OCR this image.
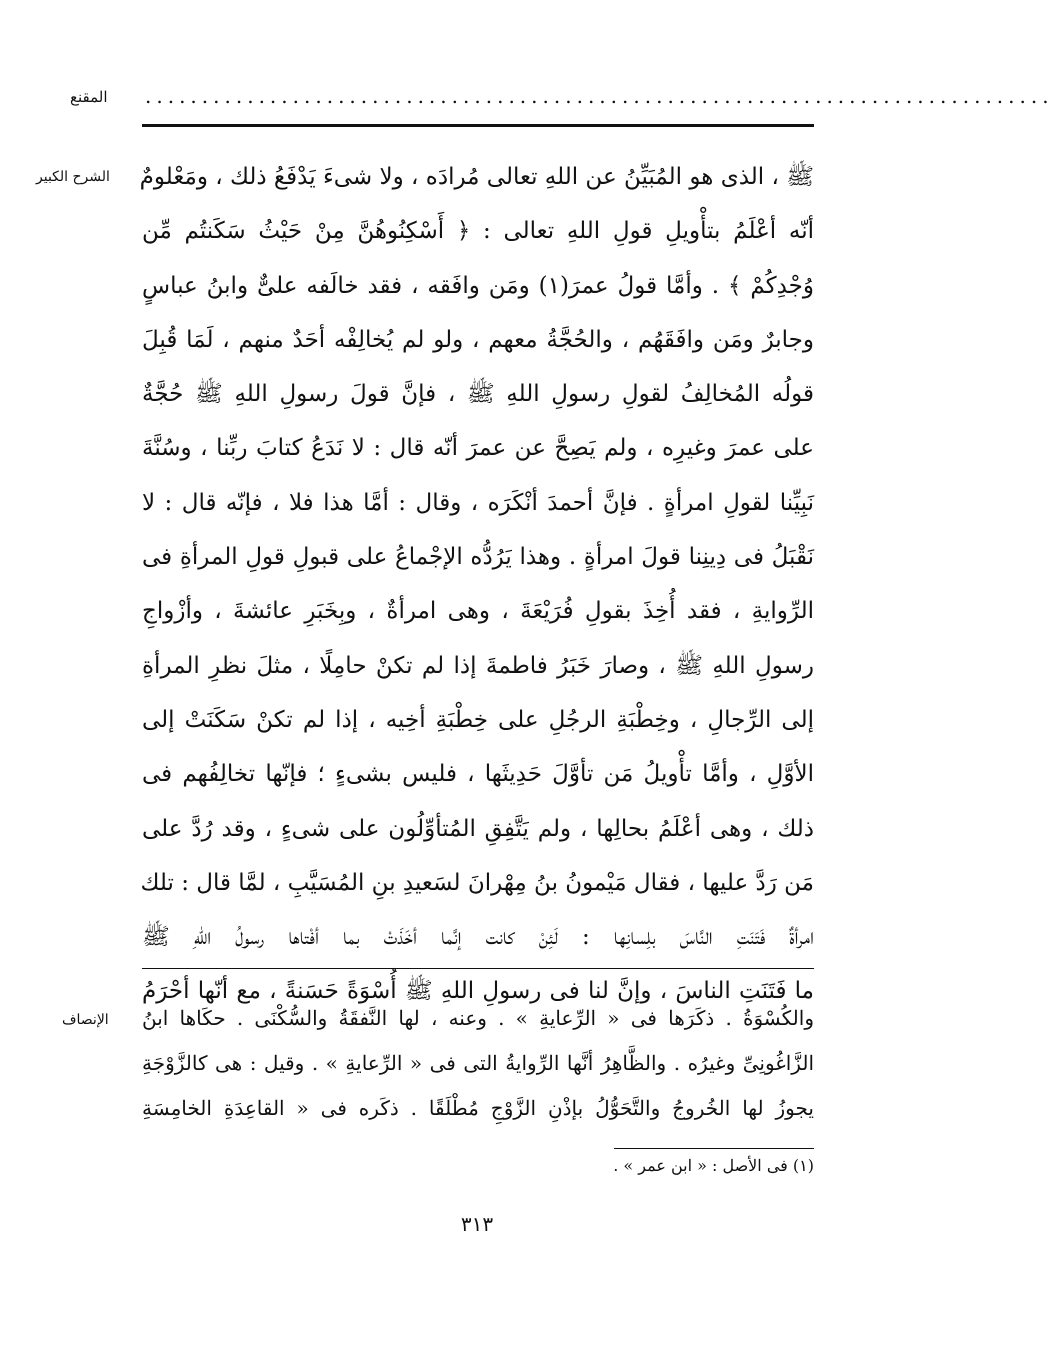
المقنع ................................................................................
الشرح الكبير ﷺ ، الذى هو المُبَيِّنُ عن اللهِ تعالى مُرادَه ، ولا شىءَ يَدْفَعُ ذلك ، ومَعْلومٌ
أنّه أعْلَمُ بتأْويلِ قولِ اللهِ تعالى : ﴿ أَسْكِنُوهُنَّ مِنْ حَيْثُ سَكَنتُم مِّن
وُجْدِكُمْ ﴾ . وأمَّا قولُ عمرَ(١) ومَن وافَقه ، فقد خالَفه علىٌّ وابنُ عباسٍ
وجابرٌ ومَن وافَقَهُم ، والحُجَّةُ معهم ، ولو لم يُخالِفْه أحَدٌ منهم ، لَمَا قُبِلَ
قولُه المُخالِفُ لقولِ رسولِ اللهِ ﷺ ، فإنَّ قولَ رسولِ اللهِ ﷺ حُجَّةٌ
على عمرَ وغيرِه ، ولم يَصِحَّ عن عمرَ أنّه قال : لا نَدَعُ كتابَ ربِّنا ، وسُنَّةَ
نَبِيِّنا لقولِ امرأةٍ . فإنَّ أحمدَ أنْكَرَه ، وقال : أمَّا هذا فلا ، فإنّه قال : لا
نَقْبَلُ فى دِينِنا قولَ امرأةٍ . وهذا يَرُدُّه الإجْماعُ على قبولِ قولِ المرأةِ فى
الرِّوايةِ ، فقد أُخِذَ بقولِ فُرَيْعَةَ ، وهى امرأةٌ ، وبِخَبَرِ عائشةَ ، وأزْواجِ
رسولِ اللهِ ﷺ ، وصارَ خَبَرُ فاطمةَ إذا لم تكنْ حامِلًا ، مثلَ نظرِ المرأةِ
إلى الرِّجالِ ، وخِطْبَةِ الرجُلِ على خِطْبَةِ أخِيه ، إذا لم تكنْ سَكَنَتْ إلى
الأوَّلِ ، وأمَّا تأْويلُ مَن تأوَّلَ حَدِيثَها ، فليس بشىءٍ ؛ فإنّها تخالِفُهم فى
ذلك ، وهى أعْلَمُ بحالِها ، ولم يَتَّفِقِ المُتأوِّلُون على شىءٍ ، وقد رُدَّ على
مَن رَدَّ عليها ، فقال مَيْمونُ بنُ مِهْرانَ لسَعيدِ بنِ المُسَيَّبِ ، لمَّا قال : تلك
امرأةٌ فَتَنَتِ النَّاسَ بلِسانِها : لَئِنْ كانت إنَّما أخَذَتْ بما أفْتاها رسولُ اللهِ ﷺ
ما فَتَنَتِ الناسَ ، وإنَّ لنا فى رسولِ اللهِ ﷺ أُسْوَةً حَسَنةً ، مع أنّها أحْرَمُ
الإنصاف والكُسْوَةُ . ذكَرَها فى « الرِّعايةِ » . وعنه ، لها النَّفقَةُ والسُّكْنَى . حكَاها ابنُ
الزَّاغُونِىِّ وغيرُه . والظَّاهِرُ أنَّها الرِّوايةُ التى فى « الرِّعايةِ » . وقيل : هى كالزَّوْجَةِ
يجوزُ لها الخُروجُ والتَّحَوُّلُ بإذْنِ الزَّوْجِ مُطْلَقًا . ذكَره فى « القاعِدَةِ الخامِسَةِ
(١) فى الأصل : « ابن عمر » .
٣١٣
